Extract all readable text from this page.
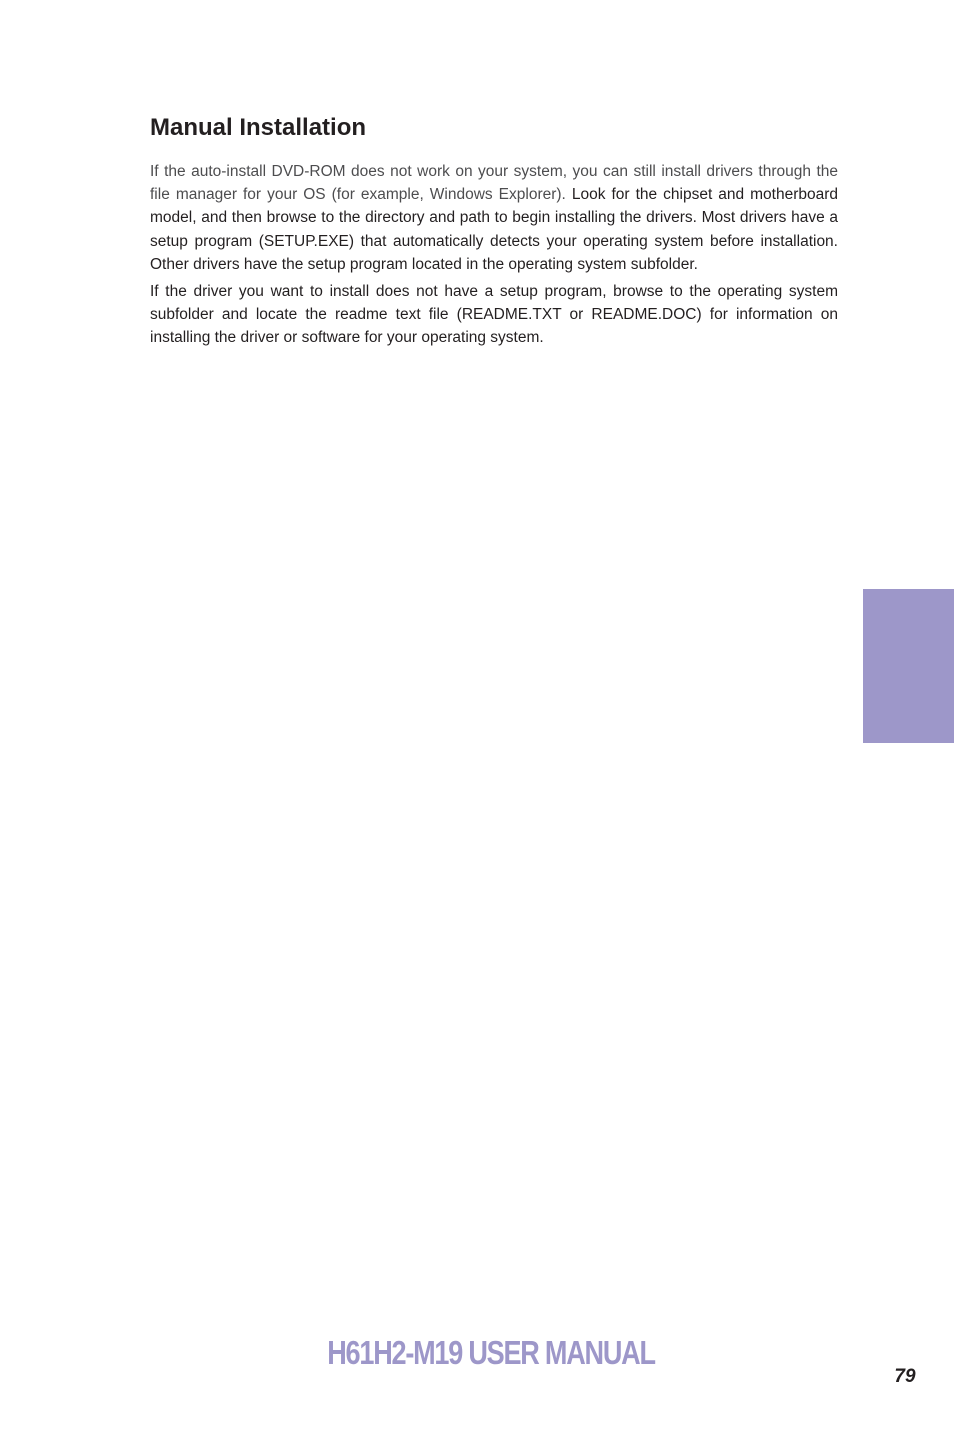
Manual Installation

If the auto-install DVD-ROM does not work on your system, you can still install drivers through the file manager for your OS (for example, Windows Explorer). Look for the chipset and motherboard model, and then browse to the directory and path to begin installing the drivers. Most drivers have a setup program (SETUP.EXE) that automatically detects your operating system before installation. Other drivers have the setup program located in the operating system subfolder.

If the driver you want to install does not have a setup program, browse to the operating system subfolder and locate the readme text file (README.TXT or README.DOC) for information on installing the driver or software for your operating system.

H61H2-M19 USER MANUAL
79
